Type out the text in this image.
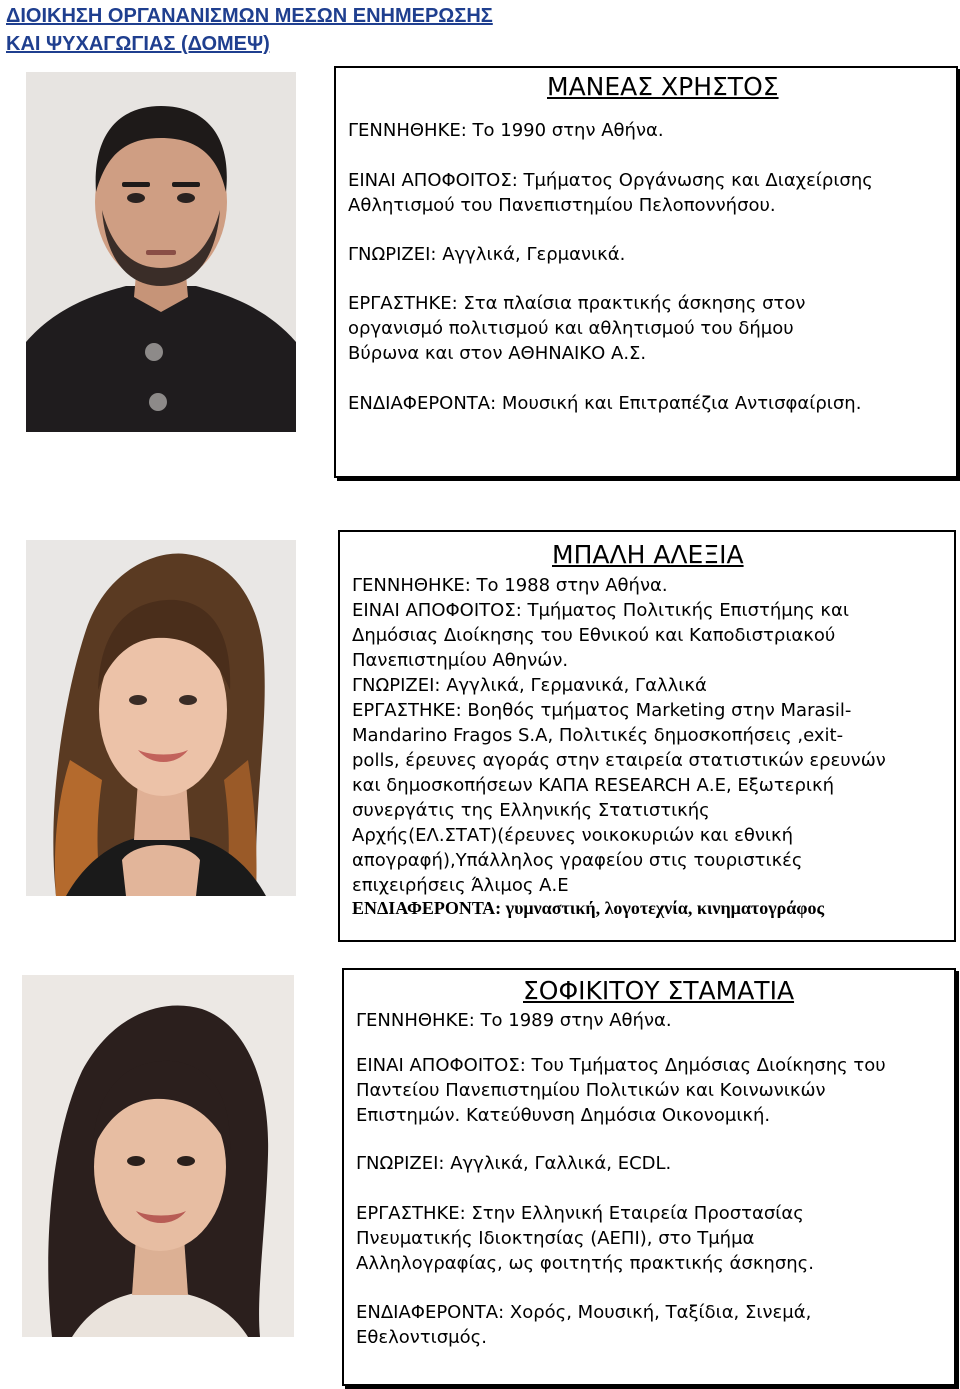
ΔΙΟΙΚΗΣΗ ΟΡΓΑΝΑΝΙΣΜΩΝ ΜΕΣΩΝ ΕΝΗΜΕΡΩΣΗΣ
ΚΑΙ ΨΥΧΑΓΩΓΙΑΣ (ΔΟΜΕΨ)
ΜΑΝΕΑΣ ΧΡΗΣΤΟΣ
ΓΕΝΝΗΘΗΚΕ: Το 1990 στην Αθήνα.
ΕΙΝΑΙ ΑΠΟΦΟΙΤΟΣ: Τμήματος Οργάνωσης και Διαχείρισης
Αθλητισμού του Πανεπιστημίου Πελοποννήσου.
ΓΝΩΡΙΖΕΙ: Αγγλικά, Γερμανικά.
ΕΡΓΑΣΤΗΚΕ: Στα πλαίσια πρακτικής άσκησης στον
οργανισμό πολιτισμού και αθλητισμού του δήμου
Βύρωνα και στον ΑΘΗΝΑΙΚΟ Α.Σ.
ΕΝΔΙΑΦΕΡΟΝΤΑ: Μουσική και Επιτραπέζια Αντισφαίριση.
ΜΠΑΛΗ ΑΛΕΞΙΑ
ΓΕΝΝΗΘΗΚΕ: Το 1988 στην Αθήνα.
ΕΙΝΑΙ ΑΠΟΦΟΙΤΟΣ: Τμήματος Πολιτικής Επιστήμης και
Δημόσιας Διοίκησης του Εθνικού και Καποδιστριακού
Πανεπιστημίου Αθηνών.
ΓΝΩΡΙΖΕΙ: Αγγλικά, Γερμανικά, Γαλλικά
ΕΡΓΑΣΤΗΚΕ: Βοηθός τμήματος Marketing στην Marasil-
Mandarino Fragos S.A, Πολιτικές δημοσκοπήσεις ,exit-
polls, έρευνες αγοράς στην εταιρεία στατιστικών ερευνών
και δημοσκοπήσεων ΚΑΠΑ RESEARCH Α.Ε, Εξωτερική
συνεργάτις της Ελληνικής Στατιστικής
Αρχής(ΕΛ.ΣΤΑΤ)(έρευνες νοικοκυριών και εθνική
απογραφή),Υπάλληλος γραφείου στις τουριστικές
επιχειρήσεις Άλιμος Α.Ε
ΕΝΔΙΑΦΕΡΟΝΤΑ: γυμναστική, λογοτεχνία, κινηματογράφος
ΣΟΦΙΚΙΤΟΥ ΣΤΑΜΑΤΙΑ
ΓΕΝΝΗΘΗΚΕ: Το 1989 στην Αθήνα.
ΕΙΝΑΙ ΑΠΟΦΟΙΤΟΣ: Του Τμήματος Δημόσιας Διοίκησης του
Παντείου Πανεπιστημίου Πολιτικών και Κοινωνικών
Επιστημών. Κατεύθυνση Δημόσια Οικονομική.
ΓΝΩΡΙΖΕΙ: Αγγλικά, Γαλλικά, ECDL.
ΕΡΓΑΣΤΗΚΕ: Στην Ελληνική Εταιρεία Προστασίας
Πνευματικής Ιδιοκτησίας (ΑΕΠΙ), στο Τμήμα
Αλληλογραφίας, ως φοιτητής πρακτικής άσκησης.
ΕΝΔΙΑΦΕΡΟΝΤΑ: Χορός, Μουσική, Ταξίδια, Σινεμά,
Εθελοντισμός.
